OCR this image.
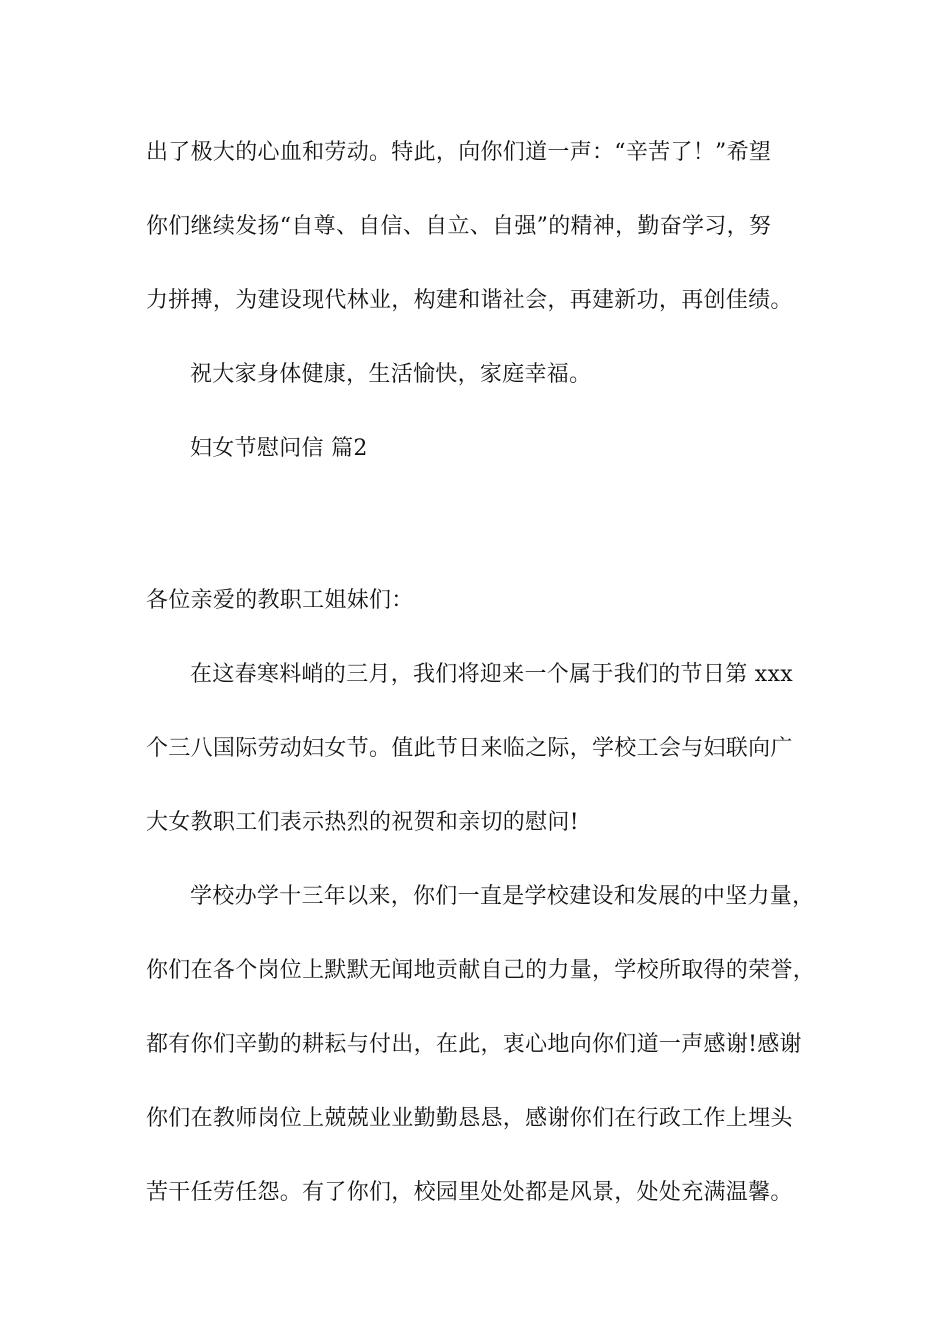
出了极大的心血和劳动。特此，向你们道一声：“辛苦了！”希望
你们继续发扬“自尊、自信、自立、自强”的精神，勤奋学习，努
力拼搏，为建设现代林业，构建和谐社会，再建新功，再创佳绩。
祝大家身体健康，生活愉快，家庭幸福。
妇女节慰问信 篇2
各位亲爱的教职工姐妹们：
在这春寒料峭的三月，我们将迎来一个属于我们的节日第 xxx
个三八国际劳动妇女节。值此节日来临之际，学校工会与妇联向广
大女教职工们表示热烈的祝贺和亲切的慰问!
学校办学十三年以来，你们一直是学校建设和发展的中坚力量，
你们在各个岗位上默默无闻地贡献自己的力量，学校所取得的荣誉，
都有你们辛勤的耕耘与付出，在此，衷心地向你们道一声感谢!感谢
你们在教师岗位上兢兢业业勤勤恳恳，感谢你们在行政工作上埋头
苦干任劳任怨。有了你们，校园里处处都是风景，处处充满温馨。
